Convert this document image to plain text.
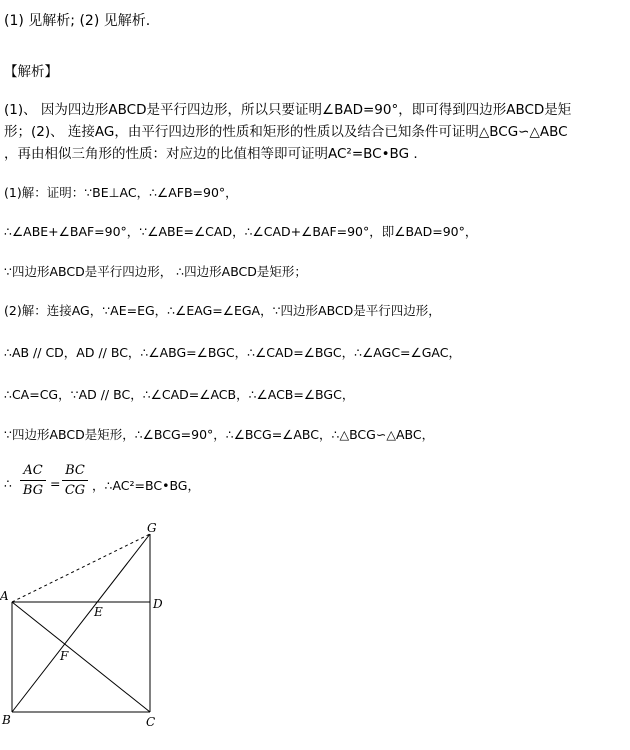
(1) 见解析; (2) 见解析.
【解析】
(1)、 因为四边形ABCD是平行四边形，所以只要证明∠BAD=90°，即可得到四边形ABCD是矩
形；(2)、 连接AG，由平行四边形的性质和矩形的性质以及结合已知条件可证明△BCG∽△ABC
，再由相似三角形的性质：对应边的比值相等即可证明AC²=BC•BG .
(1)解：证明：∵BE⊥AC，∴∠AFB=90°，
∴∠ABE+∠BAF=90°，∵∠ABE=∠CAD，∴∠CAD+∠BAF=90°，即∠BAD=90°，
∵四边形ABCD是平行四边形， ∴四边形ABCD是矩形；
(2)解：连接AG，∵AE=EG，∴∠EAG=∠EGA，∵四边形ABCD是平行四边形，
∴AB // CD，AD // BC，∴∠ABG=∠BGC，∴∠CAD=∠BGC，∴∠AGC=∠GAC，
∴CA=CG，∵AD // BC，∴∠CAD=∠ACB，∴∠ACB=∠BGC，
∵四边形ABCD是矩形，∴∠BCG=90°，∴∠BCG=∠ABC，∴△BCG∽△ABC，
∴
AC
BG =
BC
CG ，∴AC²=BC•BG，
A
B	C
D
E
F
G
